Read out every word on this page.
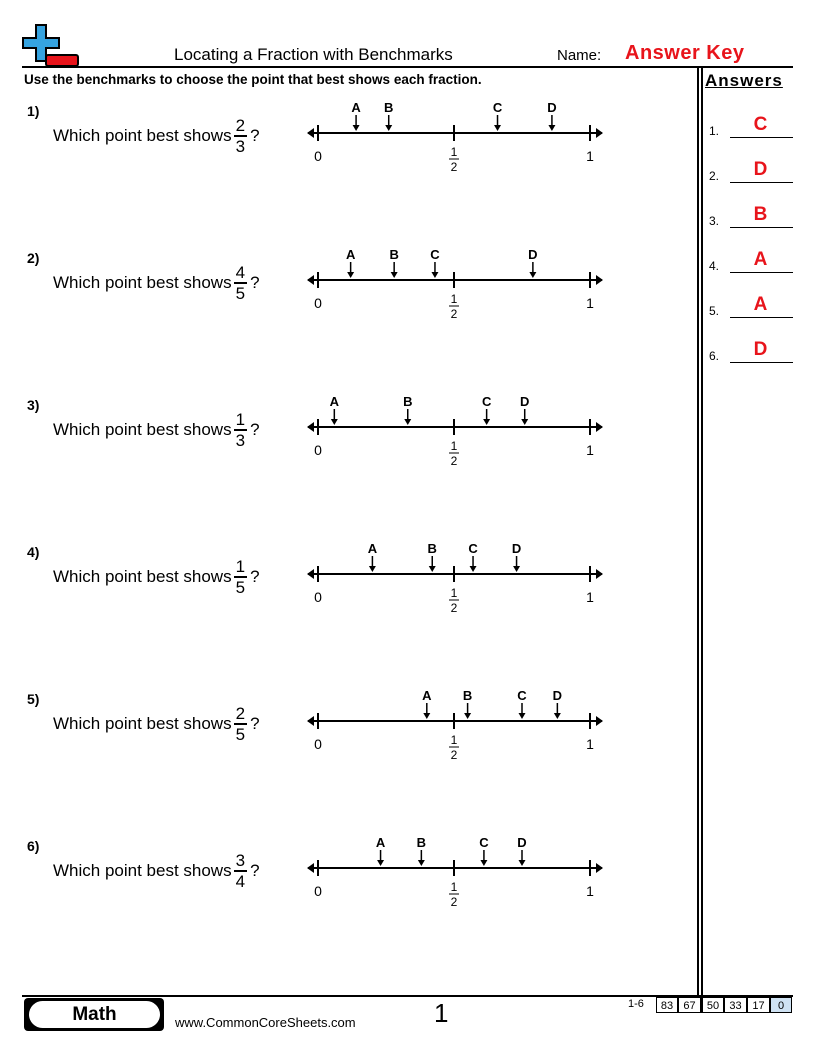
Locating a Fraction with Benchmarks	Name: Answer Key
Use the benchmarks to choose the point that best shows each fraction.
1)
Which point best shows $\frac{2}{3}$ ?
2)
Which point best shows $\frac{4}{5}$ ?
3)
Which point best shows $\frac{1}{3}$ ?
4)
Which point best shows $\frac{1}{5}$ ?
5)
Which point best shows $\frac{2}{5}$ ?
6)
Which point best shows $\frac{3}{4}$ ?
Answers
1.	C
2.	D
3.	B
4.	A
5.	A
6.	D
Math	www.CommonCoreSheets.com	1	1-6	83 67	50 33 17	0
0	1
1
2
A B	C	D
0	1
1
2
A	B C	D
0	1
1
2
A	B	C D
0	1
1
2
A	B C	D
0	1
1
2
A B	C D
0	1
1
2
A B	C D
